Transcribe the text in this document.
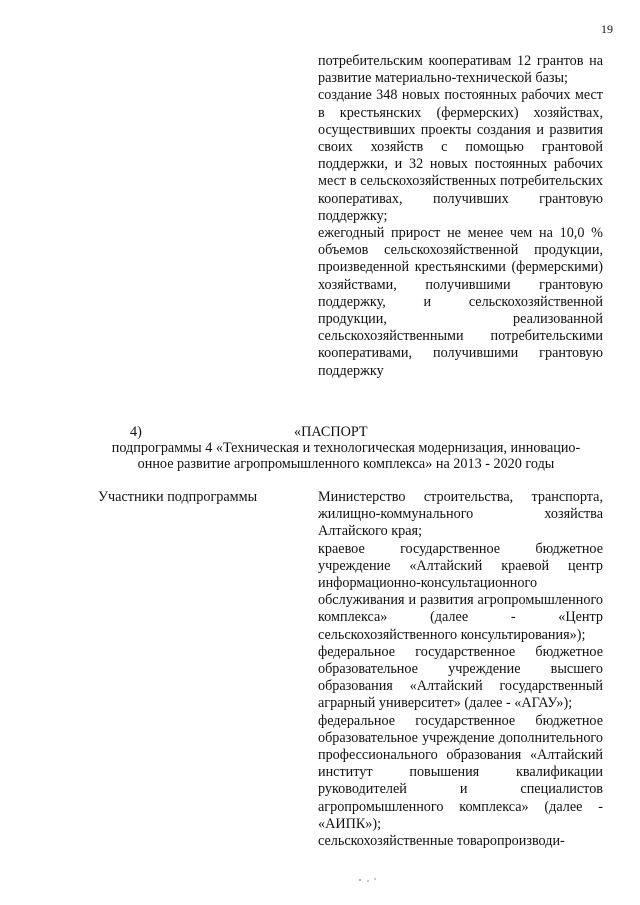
19

потребительским кооперативам 12 грантов на развитие материально-технической базы;

создание 348 новых постоянных рабочих мест в крестьянских (фермерских) хозяйствах, осуществивших проекты создания и развития своих хозяйств с помощью грантовой поддержки, и 32 новых постоянных рабочих мест в сельскохозяйственных потребительских кооперативах, получивших грантовую поддержку;

ежегодный прирост не менее чем на 10,0 % объемов сельскохозяйственной продукции, произведенной крестьянскими (фермерскими) хозяйствами, получившими грантовую поддержку, и сельскохозяйственной продукции, реализованной сельскохозяйственными потребительскими кооперативами, получившими грантовую поддержку

4)	«ПАСПОРТ

подпрограммы 4 «Техническая и технологическая модернизация, инновацио-
онное развитие агропромышленного комплекса» на 2013 - 2020 годы

Участники подпрограммы	Министерство строительства, транспорта, жилищно-коммунального хозяйства Алтайского края;

краевое государственное бюджетное учреждение «Алтайский краевой центр информационно-консультационного обслуживания и развития агропромышленного комплекса» (далее - «Центр сельскохозяйственного консультирования»);

федеральное государственное бюджетное образовательное учреждение высшего образования «Алтайский государственный аграрный университет» (далее - «АГАУ»);

федеральное государственное бюджетное образовательное учреждение дополнительного профессионального образования «Алтайский институт повышения квалификации руководителей и специалистов агропромышленного комплекса» (далее - «АИПК»);

сельскохозяйственные товаропроизводи-
